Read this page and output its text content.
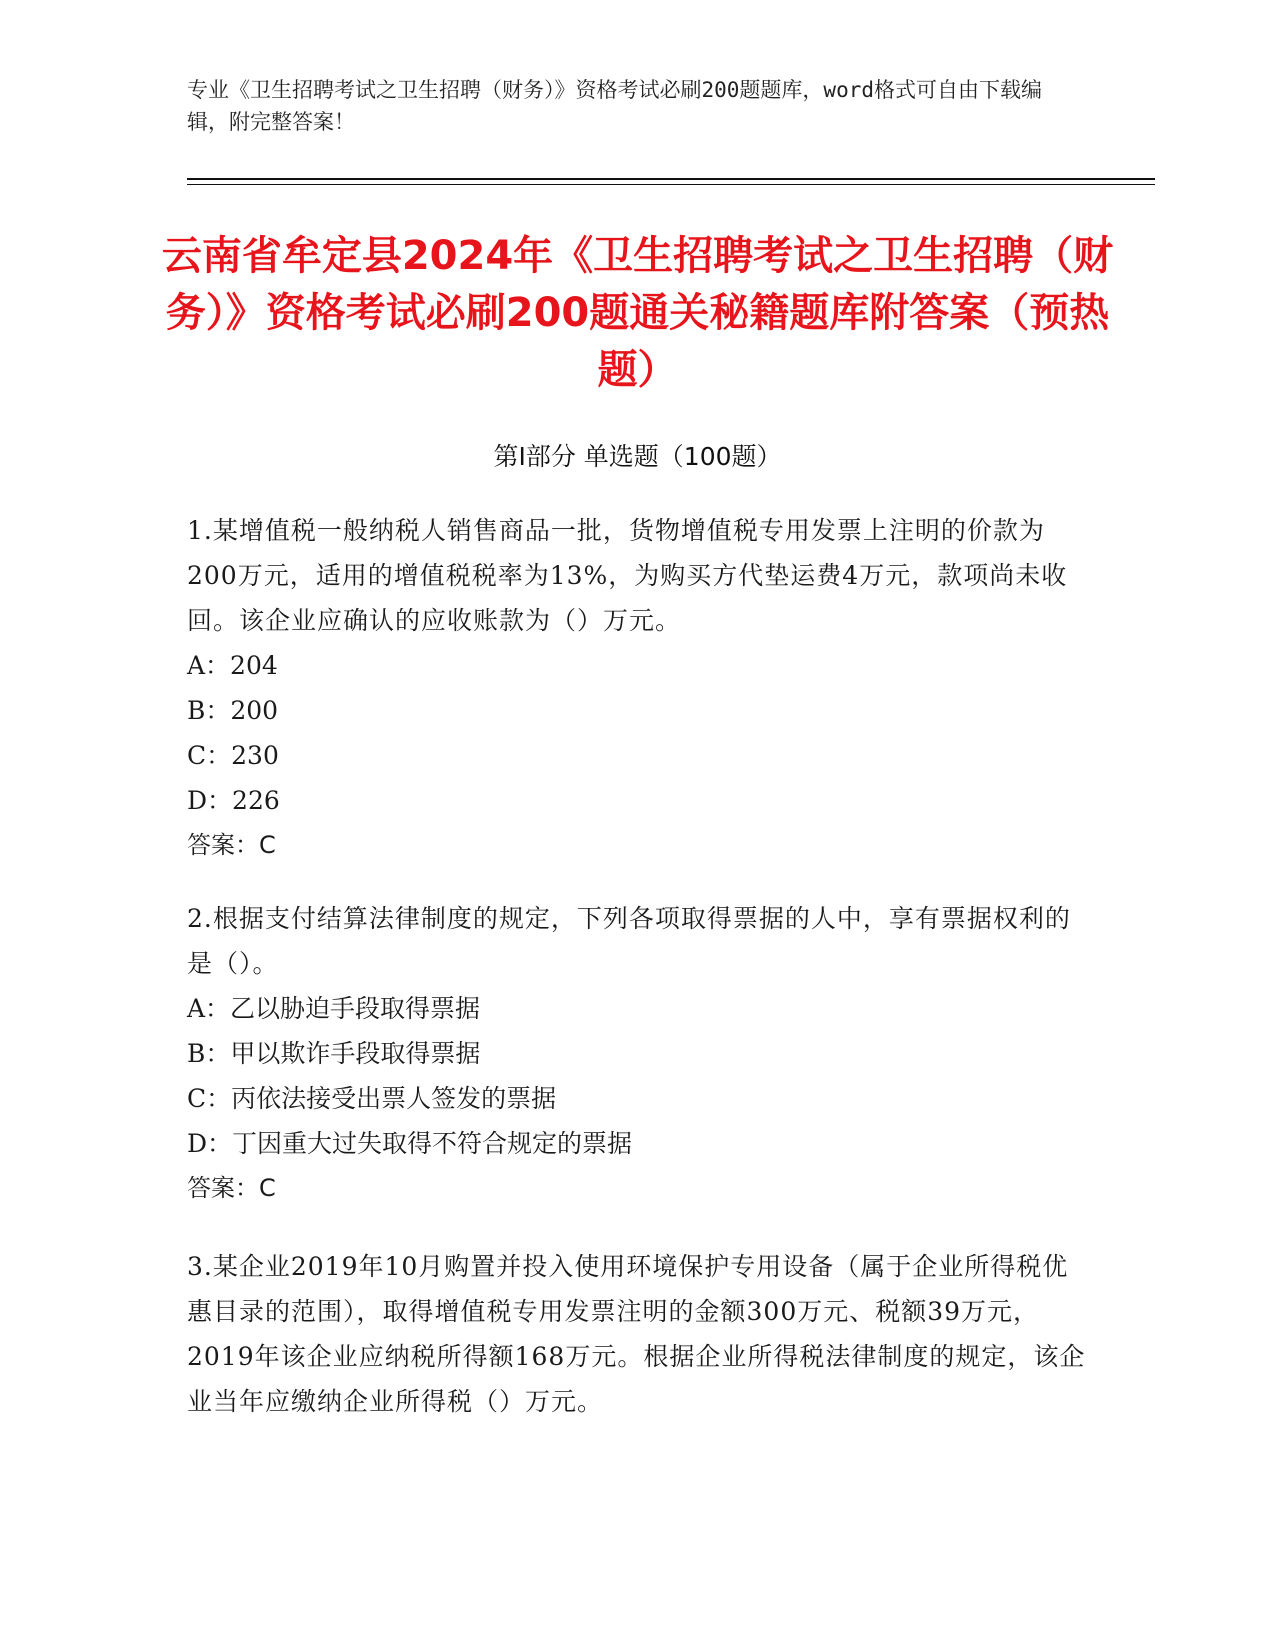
专业《卫生招聘考试之卫生招聘（财务）》资格考试必刷200题题库，word格式可自由下载编辑，附完整答案！
云南省牟定县2024年《卫生招聘考试之卫生招聘（财务）》资格考试必刷200题通关秘籍题库附答案（预热题）
第I部分 单选题（100题）
1.某增值税一般纳税人销售商品一批，货物增值税专用发票上注明的价款为200万元，适用的增值税税率为13%，为购买方代垫运费4万元，款项尚未收回。该企业应确认的应收账款为（）万元。
A：204
B：200
C：230
D：226
答案：C
2.根据支付结算法律制度的规定，下列各项取得票据的人中，享有票据权利的是（）。
A：乙以胁迫手段取得票据
B：甲以欺诈手段取得票据
C：丙依法接受出票人签发的票据
D：丁因重大过失取得不符合规定的票据
答案：C
3.某企业2019年10月购置并投入使用环境保护专用设备（属于企业所得税优惠目录的范围），取得增值税专用发票注明的金额300万元、税额39万元，2019年该企业应纳税所得额168万元。根据企业所得税法律制度的规定，该企业当年应缴纳企业所得税（）万元。
